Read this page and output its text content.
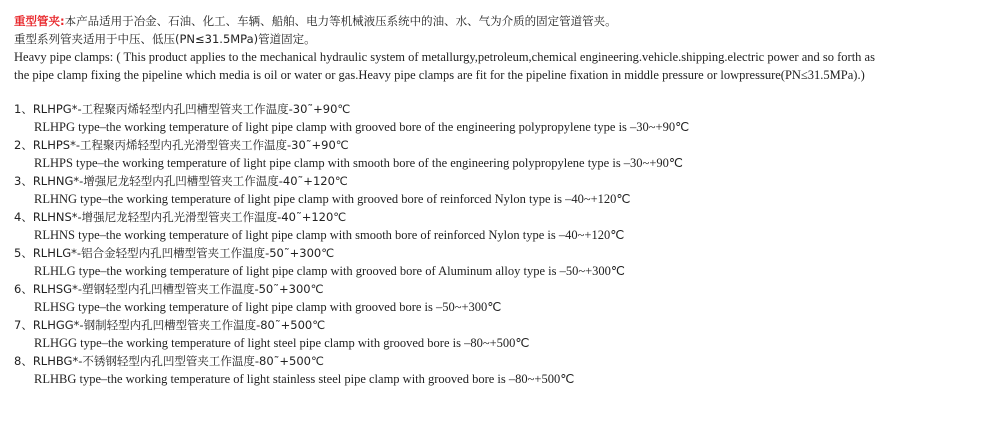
重型管夹:本产品适用于冶金、石油、化工、车辆、船舶、电力等机械液压系统中的油、水、气为介质的固定管道管夹。
重型系列管夹适用于中压、低压(PN≤31.5MPa)管道固定。
Heavy pipe clamps: ( This product applies to the mechanical hydraulic system of metallurgy,petroleum,chemical engineering.vehicle.shipping.electric power and so forth as
the pipe clamp fixing the pipeline which media is oil or water or gas.Heavy pipe clamps are fit for the pipeline fixation in middle pressure or lowpressure(PN≤31.5MPa).)
1、RLHPG*-工程聚丙烯轻型内孔凹槽型管夹工作温度-30˜+90℃
RLHPG type–the working temperature of light pipe clamp with grooved bore of the engineering polypropylene type is –30~+90℃
2、RLHPS*-工程聚丙烯轻型内孔光滑型管夹工作温度-30˜+90℃
RLHPS type–the working temperature of light pipe clamp with smooth bore of the engineering polypropylene type is –30~+90℃
3、RLHNG*-增强尼龙轻型内孔凹槽型管夹工作温度-40˜+120℃
RLHNG type–the working temperature of light pipe clamp with grooved bore of reinforced Nylon type is –40~+120℃
4、RLHNS*-增强尼龙轻型内孔光滑型管夹工作温度-40˜+120℃
RLHNS type–the working temperature of light pipe clamp with smooth bore of reinforced Nylon type is –40~+120℃
5、RLHLG*-铝合金轻型内孔凹槽型管夹工作温度-50˜+300℃
RLHLG type–the working temperature of light pipe clamp with grooved bore of Aluminum alloy type is –50~+300℃
6、RLHSG*-塑钢轻型内孔凹槽型管夹工作温度-50˜+300℃
RLHSG type–the working temperature of light pipe clamp with grooved bore is –50~+300℃
7、RLHGG*-钢制轻型内孔凹槽型管夹工作温度-80˜+500℃
RLHGG type–the working temperature of light steel pipe clamp with grooved bore is –80~+500℃
8、RLHBG*-不锈钢轻型内孔凹型管夹工作温度-80˜+500℃
RLHBG type–the working temperature of light stainless steel pipe clamp with grooved bore is –80~+500℃
